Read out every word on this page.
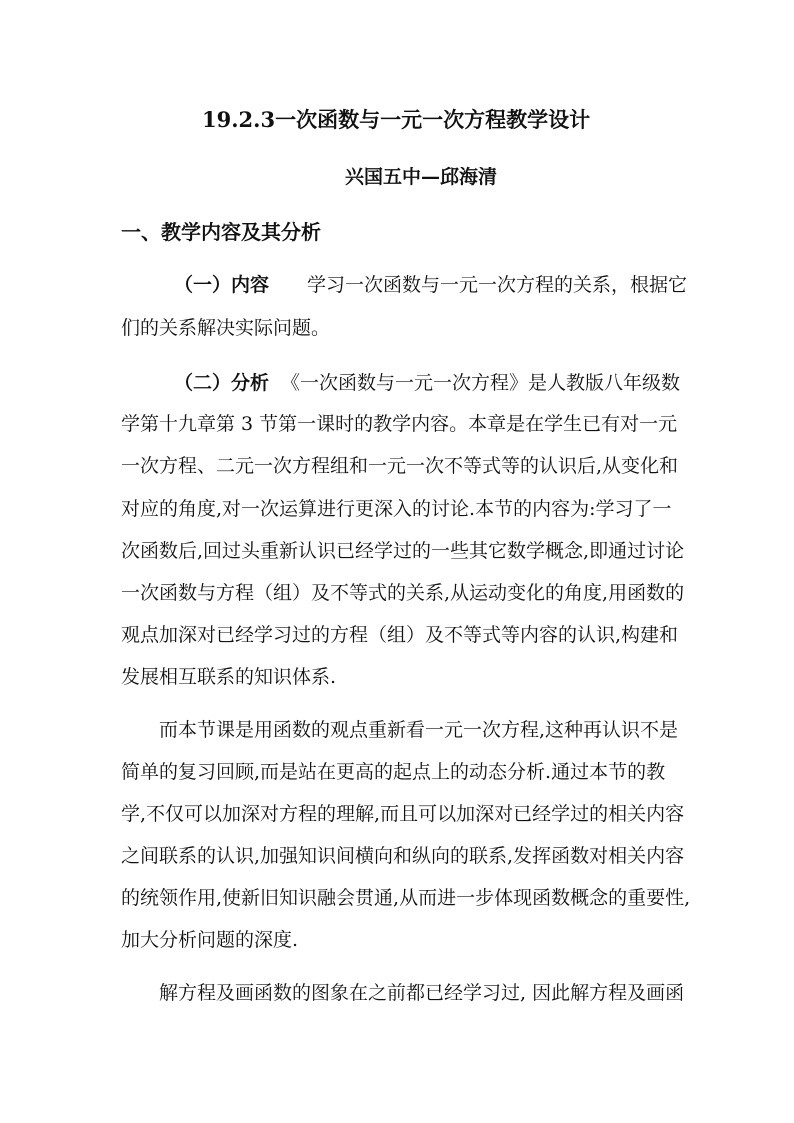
19.2.3一次函数与一元一次方程教学设计
兴国五中—邱海清
一、教学内容及其分析
（一）内容 学习一次函数与一元一次方程的关系，根据它
们的关系解决实际问题。
（二）分析 《一次函数与一元一次方程》是人教版八年级数
学第十九章第 3 节第一课时的教学内容。本章是在学生已有对一元
一次方程、二元一次方程组和一元一次不等式等的认识后,从变化和
对应的角度,对一次运算进行更深入的讨论.本节的内容为:学习了一
次函数后,回过头重新认识已经学过的一些其它数学概念,即通过讨论
一次函数与方程（组）及不等式的关系,从运动变化的角度,用函数的
观点加深对已经学习过的方程（组）及不等式等内容的认识,构建和
发展相互联系的知识体系.
而本节课是用函数的观点重新看一元一次方程,这种再认识不是
简单的复习回顾,而是站在更高的起点上的动态分析.通过本节的教
学,不仅可以加深对方程的理解,而且可以加深对已经学过的相关内容
之间联系的认识,加强知识间横向和纵向的联系,发挥函数对相关内容
的统领作用,使新旧知识融会贯通,从而进一步体现函数概念的重要性,
加大分析问题的深度.
解方程及画函数的图象在之前都已经学习过, 因此解方程及画函
